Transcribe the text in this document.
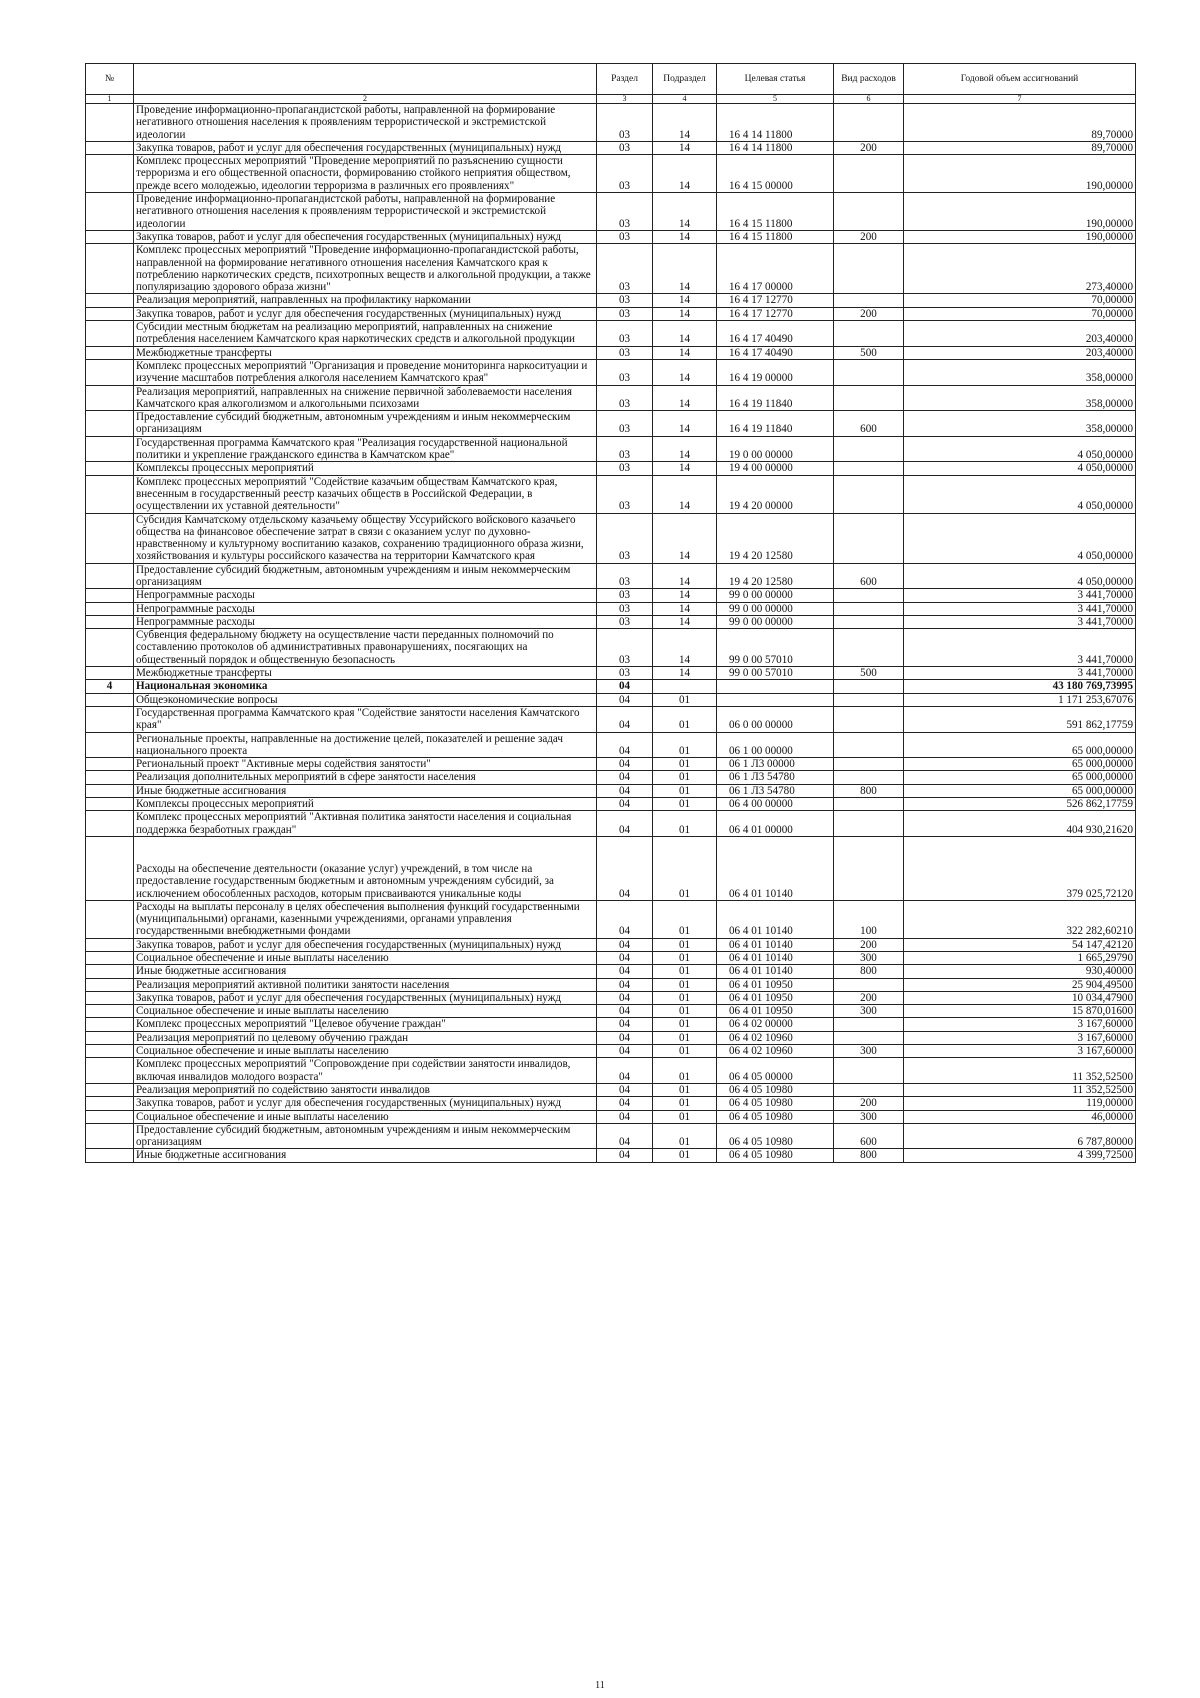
№		Раздел	Подраздел	Целевая статья	Вид расходов	Годовой объем ассигнований
1	2	3	4	5	6	7
	Проведение информационно-пропагандистской работы, направленной на формирование негативного отношения населения к проявлениям террористической и экстремистской идеологии	03	14	16 4 14 11800		89,70000
	Закупка товаров, работ и услуг для обеспечения государственных (муниципальных) нужд	03	14	16 4 14 11800	200	89,70000
	Комплекс процессных мероприятий "Проведение мероприятий по разъяснению сущности терроризма и его общественной опасности, формированию стойкого неприятия обществом, прежде всего молодежью, идеологии терроризма в различных его проявлениях"	03	14	16 4 15 00000		190,00000
	Проведение информационно-пропагандистской работы, направленной на формирование негативного отношения населения к проявлениям террористической и экстремистской идеологии	03	14	16 4 15 11800		190,00000
	Закупка товаров, работ и услуг для обеспечения государственных (муниципальных) нужд	03	14	16 4 15 11800	200	190,00000
	Комплекс процессных мероприятий "Проведение информационно-пропагандистской работы, направленной на формирование негативного отношения населения Камчатского края к потреблению наркотических средств, психотропных веществ и алкогольной продукции, а также популяризацию здорового образа жизни"	03	14	16 4 17 00000		273,40000
	Реализация мероприятий, направленных на профилактику наркомании	03	14	16 4 17 12770		70,00000
	Закупка товаров, работ и услуг для обеспечения государственных (муниципальных) нужд	03	14	16 4 17 12770	200	70,00000
	Субсидии местным бюджетам на реализацию мероприятий, направленных на снижение потребления населением Камчатского края наркотических средств и алкогольной продукции	03	14	16 4 17 40490		203,40000
	Межбюджетные трансферты	03	14	16 4 17 40490	500	203,40000
	Комплекс процессных мероприятий "Организация и проведение мониторинга наркоситуации и изучение масштабов потребления алкоголя населением Камчатского края"	03	14	16 4 19 00000		358,00000
	Реализация мероприятий, направленных на снижение первичной заболеваемости населения Камчатского края алкоголизмом и алкогольными психозами	03	14	16 4 19 11840		358,00000
	Предоставление субсидий бюджетным, автономным учреждениям и иным некоммерческим организациям	03	14	16 4 19 11840	600	358,00000
	Государственная программа Камчатского края "Реализация государственной национальной политики и укрепление гражданского единства в Камчатском крае"	03	14	19 0 00 00000		4 050,00000
	Комплексы процессных мероприятий	03	14	19 4 00 00000		4 050,00000
	Комплекс процессных мероприятий "Содействие казачьим обществам Камчатского края, внесенным в государственный реестр казачьих обществ в Российской Федерации, в осуществлении их уставной деятельности"	03	14	19 4 20 00000		4 050,00000
	Субсидия Камчатскому отдельскому казачьему обществу Уссурийского войскового казачьего общества на финансовое обеспечение затрат в связи с оказанием услуг по духовно-нравственному и культурному воспитанию казаков, сохранению традиционного образа жизни, хозяйствования и культуры российского казачества на территории Камчатского края	03	14	19 4 20 12580		4 050,00000
	Предоставление субсидий бюджетным, автономным учреждениям и иным некоммерческим организациям	03	14	19 4 20 12580	600	4 050,00000
	Непрограммные расходы	03	14	99 0 00 00000		3 441,70000
	Непрограммные расходы	03	14	99 0 00 00000		3 441,70000
	Непрограммные расходы	03	14	99 0 00 00000		3 441,70000
	Субвенция федеральному бюджету на осуществление части переданных полномочий по составлению протоколов об административных правонарушениях, посягающих на общественный порядок и общественную безопасность	03	14	99 0 00 57010		3 441,70000
	Межбюджетные трансферты	03	14	99 0 00 57010	500	3 441,70000
4	Национальная экономика	04				43 180 769,73995
	Общеэкономические вопросы	04	01			1 171 253,67076
	Государственная программа Камчатского края "Содействие занятости населения Камчатского края"	04	01	06 0 00 00000		591 862,17759
	Региональные проекты, направленные на достижение целей, показателей и решение задач национального проекта	04	01	06 1 00 00000		65 000,00000
	Региональный проект "Активные меры содействия занятости"	04	01	06 1 Л3 00000		65 000,00000
	Реализация дополнительных мероприятий в сфере занятости населения	04	01	06 1 Л3 54780		65 000,00000
	Иные бюджетные ассигнования	04	01	06 1 Л3 54780	800	65 000,00000
	Комплексы процессных мероприятий	04	01	06 4 00 00000		526 862,17759
	Комплекс процессных мероприятий "Активная политика занятости населения и социальная поддержка безработных граждан"	04	01	06 4 01 00000		404 930,21620
	Расходы на обеспечение деятельности (оказание услуг) учреждений, в том числе на предоставление государственным бюджетным и автономным учреждениям субсидий, за исключением обособленных расходов, которым присваиваются уникальные коды	04	01	06 4 01 10140		379 025,72120
	Расходы на выплаты персоналу в целях обеспечения выполнения функций государственными (муниципальными) органами, казенными учреждениями, органами управления государственными внебюджетными фондами	04	01	06 4 01 10140	100	322 282,60210
	Закупка товаров, работ и услуг для обеспечения государственных (муниципальных) нужд	04	01	06 4 01 10140	200	54 147,42120
	Социальное обеспечение и иные выплаты населению	04	01	06 4 01 10140	300	1 665,29790
	Иные бюджетные ассигнования	04	01	06 4 01 10140	800	930,40000
	Реализация мероприятий активной политики занятости населения	04	01	06 4 01 10950		25 904,49500
	Закупка товаров, работ и услуг для обеспечения государственных (муниципальных) нужд	04	01	06 4 01 10950	200	10 034,47900
	Социальное обеспечение и иные выплаты населению	04	01	06 4 01 10950	300	15 870,01600
	Комплекс процессных мероприятий "Целевое обучение граждан"	04	01	06 4 02 00000		3 167,60000
	Реализация мероприятий по целевому обучению граждан	04	01	06 4 02 10960		3 167,60000
	Социальное обеспечение и иные выплаты населению	04	01	06 4 02 10960	300	3 167,60000
	Комплекс процессных мероприятий "Сопровождение при содействии занятости инвалидов, включая инвалидов молодого возраста"	04	01	06 4 05 00000		11 352,52500
	Реализация мероприятий по содействию занятости инвалидов	04	01	06 4 05 10980		11 352,52500
	Закупка товаров, работ и услуг для обеспечения государственных (муниципальных) нужд	04	01	06 4 05 10980	200	119,00000
	Социальное обеспечение и иные выплаты населению	04	01	06 4 05 10980	300	46,00000
	Предоставление субсидий бюджетным, автономным учреждениям и иным некоммерческим организациям	04	01	06 4 05 10980	600	6 787,80000
	Иные бюджетные ассигнования	04	01	06 4 05 10980	800	4 399,72500
11
